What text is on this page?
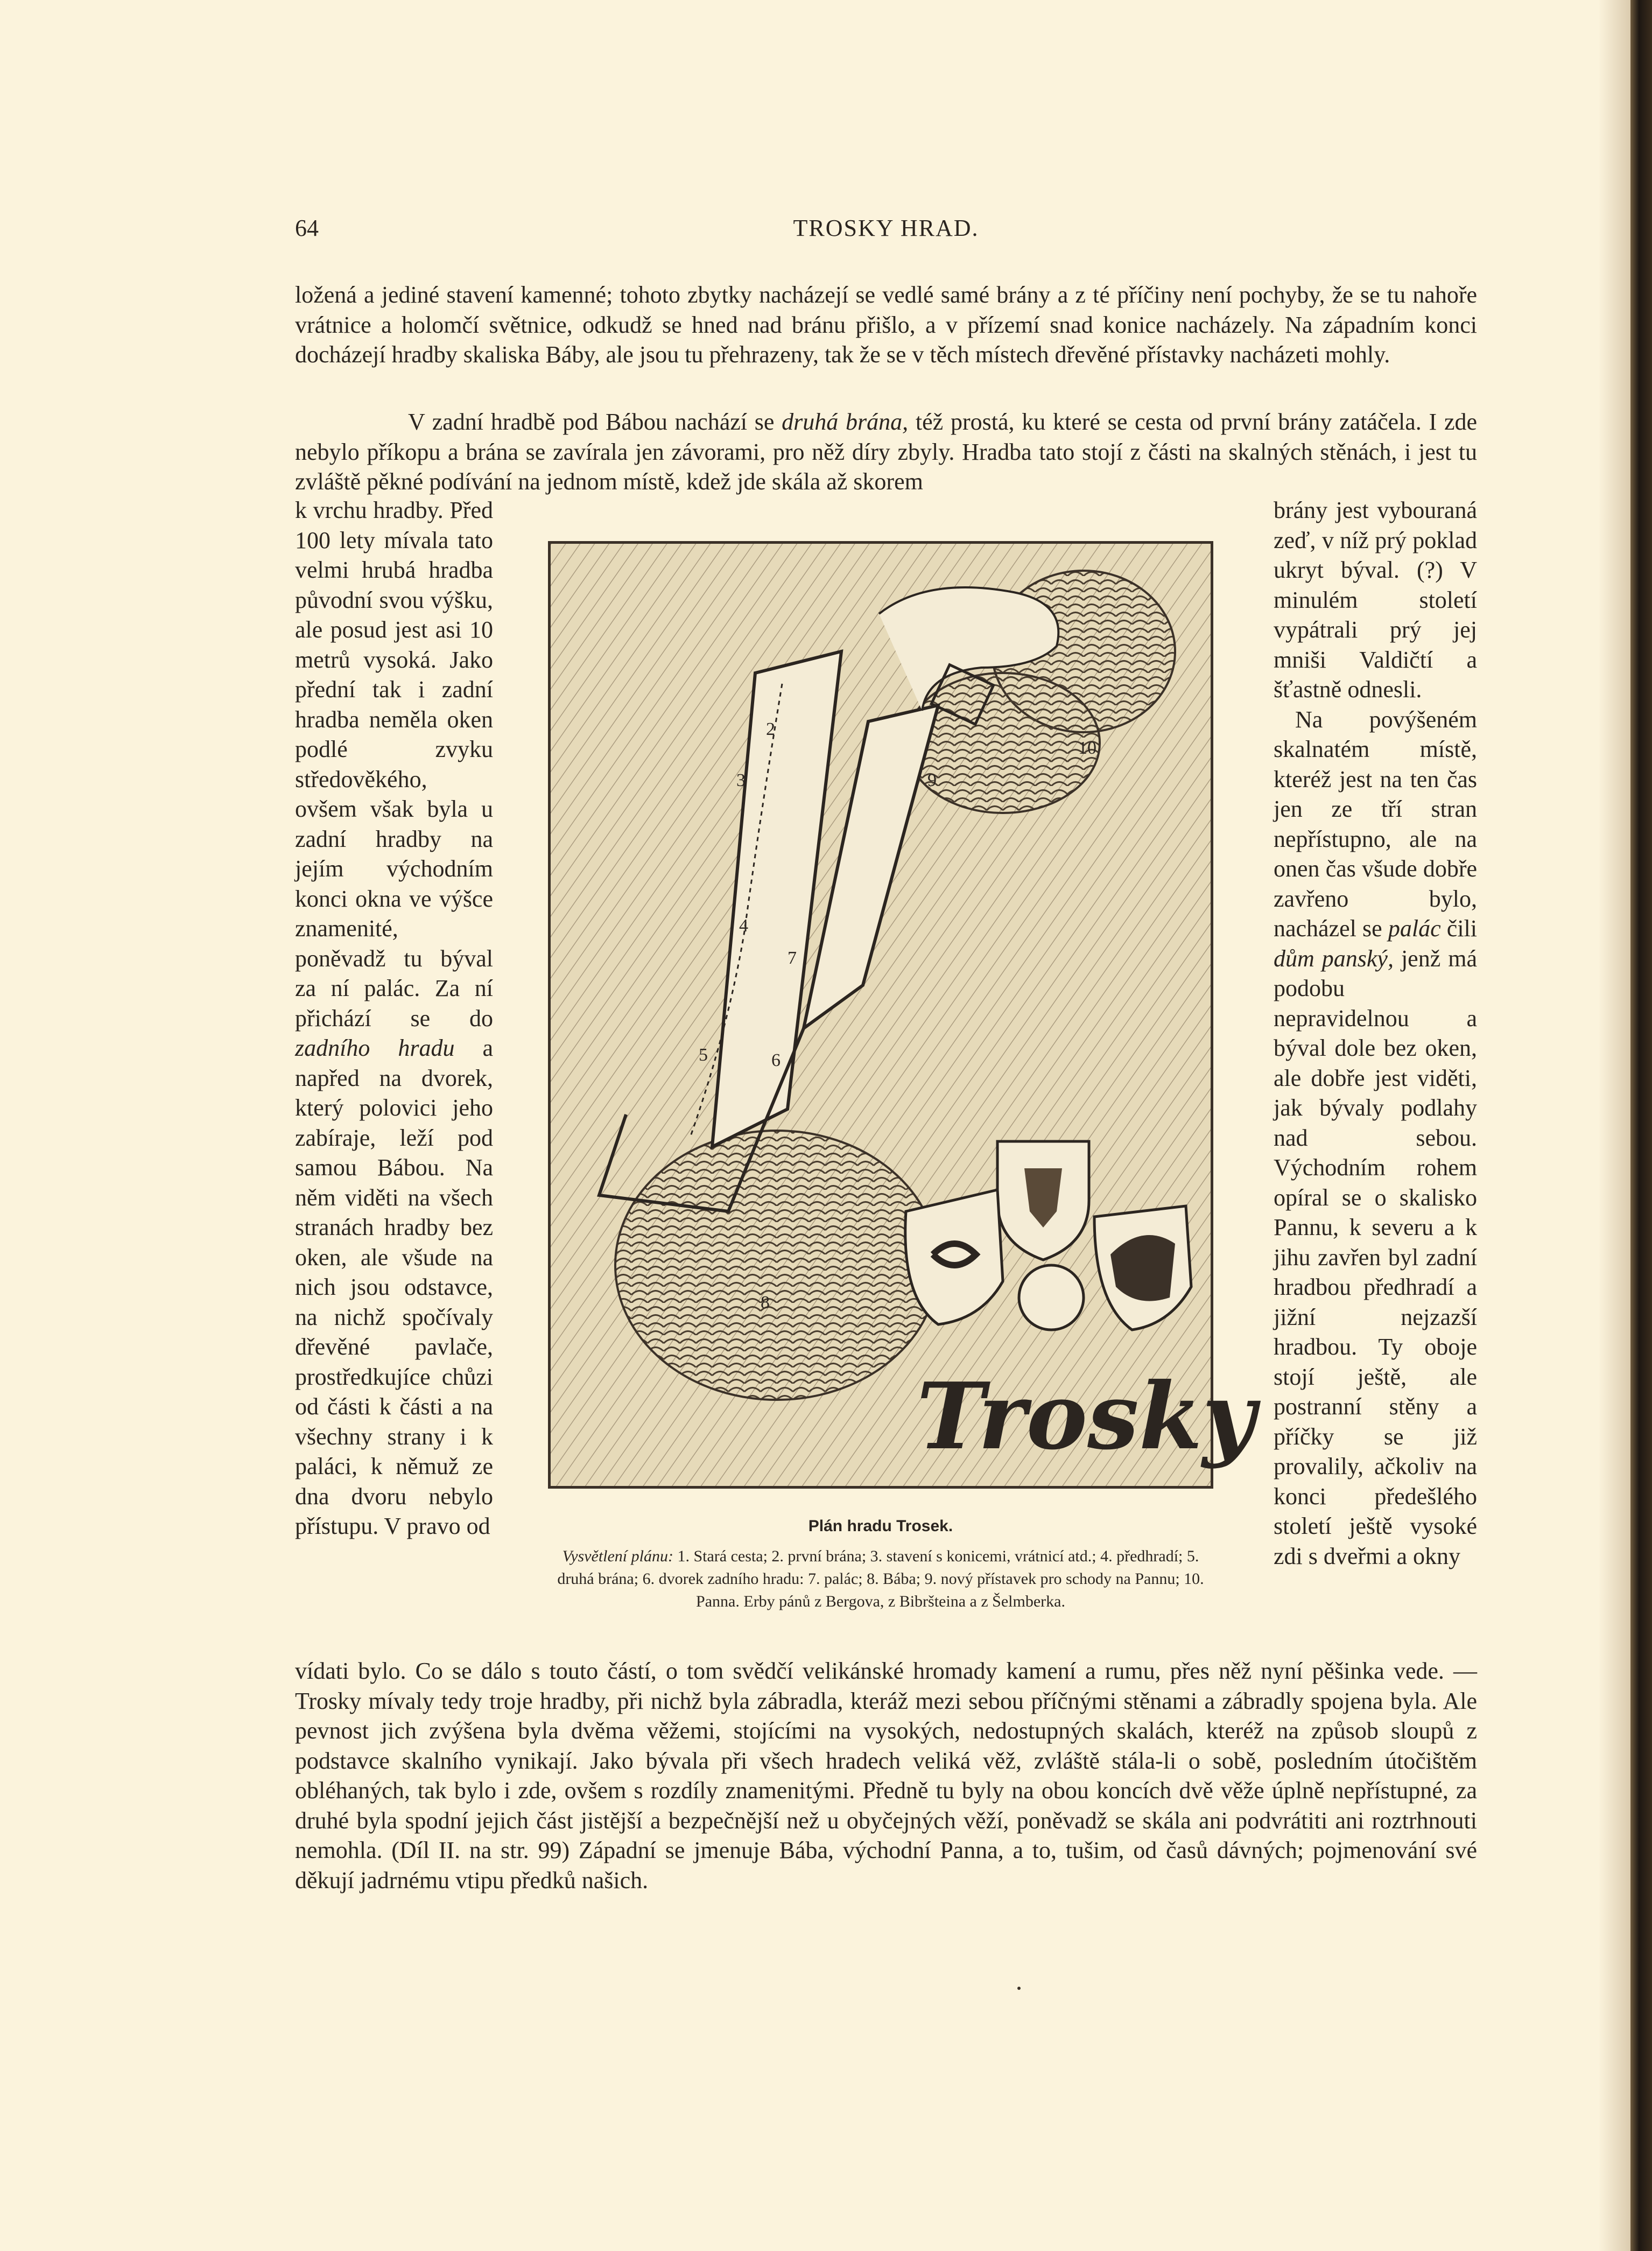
TROSKY HRAD.
64
ložená a jediné stavení kamenné; tohoto zbytky nacházejí se vedlé samé brány a z té příčiny není pochyby, že se tu nahoře vrátnice a holomčí světnice, odkudž se hned nad bránu přišlo, a v přízemí snad konice nacházely. Na západním konci docházejí hradby skaliska Báby, ale jsou tu přehrazeny, tak že se v těch místech dřevěné přístavky nacházeti mohly.
V zadní hradbě pod Bábou nachází se druhá brána, též prostá, ku které se cesta od první brány zatáčela. I zde nebylo příkopu a brána se zavírala jen závorami, pro něž díry zbyly. Hradba tato stojí z části na skalných stěnách, i jest tu zvláště pěkné podívání na jednom místě, kdež jde skála až skorem
k vrchu hradby. Před 100 lety mívala tato velmi hrubá hradba původní svou výšku, ale posud jest asi 10 metrů vysoká. Jako přední tak i zadní hradba neměla oken podlé zvyku středověkého, ovšem však byla u zadní hradby na jejím východním konci okna ve výšce znamenité, poněvadž tu býval za ní palác. Za ní přichází se do zadního hradu a napřed na dvorek, který polovici jeho zabíraje, leží pod samou Bábou. Na něm viděti na všech stranách hradby bez oken, ale všude na nich jsou odstavce, na nichž spočívaly dřevěné pavlače, prostředkujíce chůzi od části k části a na všechny strany i k paláci, k němuž ze dna dvoru nebylo přístupu. V pravo od
brány jest vybouraná zeď, v níž prý poklad ukryt býval. (?) V minulém století vypátrali prý jej mniši Valdičtí a šťastně odnesli.
Na povýšeném skalnatém místě, kteréž jest na ten čas jen ze tří stran nepřístupno, ale na onen čas všude dobře zavřeno bylo, nacházel se palác čili dům panský, jenž má podobu nepravidelnou a býval dole bez oken, ale dobře jest viděti, jak bývaly podlahy nad sebou. Východním rohem opíral se o skalisko Pannu, k severu a k jihu zavřen byl zadní hradbou předhradí a jižní nejzazší hradbou. Ty oboje stojí ještě, ale postranní stěny a příčky se již provalily, ačkoliv na konci předešlého století ještě vysoké zdi s dveřmi a okny
2
3
4
5	6
7
8
9
10
Trosky
Plán hradu Trosek.
Vysvětlení plánu: 1. Stará cesta; 2. první brána; 3. stavení s konicemi, vrátnicí atd.; 4. předhradí; 5. druhá brána; 6. dvorek zadního hradu: 7. palác; 8. Bába; 9. nový přístavek pro schody na Pannu; 10. Panna. Erby pánů z Bergova, z Bibršteina a z Šelmberka.
vídati bylo. Co se dálo s touto částí, o tom svědčí velikánské hromady kamení a rumu, přes něž nyní pěšinka vede. — Trosky mívaly tedy troje hradby, při nichž byla zábradla, kteráž mezi sebou příčnými stěnami a zábradly spojena byla. Ale pevnost jich zvýšena byla dvěma věžemi, stojícími na vysokých, nedostupných skalách, kteréž na způsob sloupů z podstavce skalního vynikají. Jako bývala při všech hradech veliká věž, zvláště stála-li o sobě, posledním útočištěm obléhaných, tak bylo i zde, ovšem s rozdíly znamenitými. Předně tu byly na obou koncích dvě věže úplně nepřístupné, za druhé byla spodní jejich část jistější a bezpečnější než u obyčejných věží, poněvadž se skála ani podvrátiti ani roztrhnouti nemohla. (Díl II. na str. 99) Západní se jmenuje Bába, východní Panna, a to, tušim, od časů dávných; pojmenování své děkují jadrnému vtipu předků našich.
